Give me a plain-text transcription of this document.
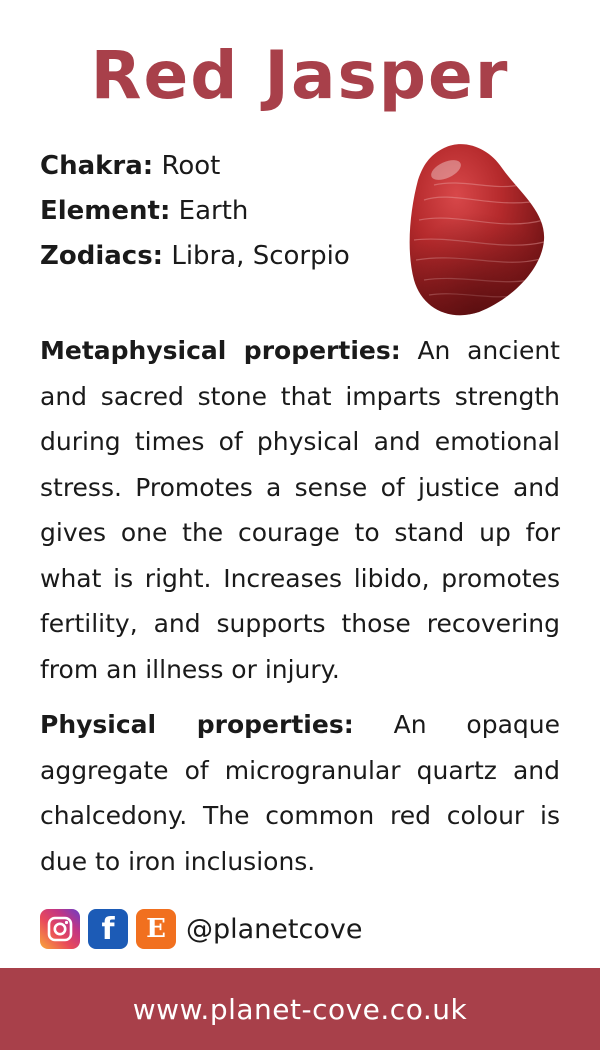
Red Jasper
Chakra: Root
Element: Earth
Zodiacs: Libra, Scorpio
Metaphysical properties: An ancient and sacred stone that imparts strength during times of physical and emotional stress. Promotes a sense of justice and gives one the courage to stand up for what is right. Increases libido, promotes fertility, and supports those recovering from an illness or injury.
Physical properties: An opaque aggregate of microgranular quartz and chalcedony. The common red colour is due to iron inclusions.
f	E @planetcove
www.planet-cove.co.uk
